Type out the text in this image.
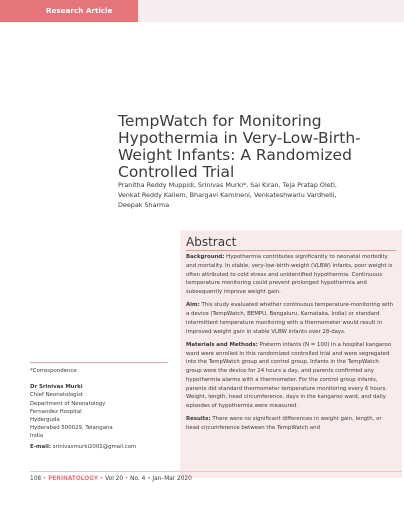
Research Article
TempWatch for Monitoring Hypothermia in Very-Low-Birth-Weight Infants: A Randomized Controlled Trial
Pranitha Reddy Muppidi, Srinivas Murki*, Sai Kiran, Teja Pratap Oleti,
Venkat Reddy Kallem, Bhargavi Kamineni, Venkateshwarlu Vardhelli,
Deepak Sharma
Abstract

Background: Hypothermia contributes significantly to neonatal morbidity and mortality. In stable, very-low-birth-weight (VLBW) infants, poor weight is often attributed to cold stress and unidentified hypothermia. Continuous temperature monitoring could prevent prolonged hypothermia and subsequently improve weight gain.

Aim: This study evaluated whether continuous temperature-monitoring with a device (TempWatch, BEMPU, Bengaluru, Karnataka, India) or standard intermittent temperature monitoring with a thermometer would result in improved weight gain in stable VLBW infants over 28-days.

Materials and Methods: Preterm infants (N = 100) in a hospital kangaroo ward were enrolled in this randomized controlled trial and were segregated into the TempWatch group and control group. Infants in the TempWatch group wore the device for 24 hours a day, and parents confirmed any hypothermia alarms with a thermometer. For the control group infants, parents did standard thermometer temperature monitoring every 6 hours. Weight, length, head circumference, days in the kangaroo ward, and daily episodes of hypothermia were measured.

Results: There were no significant differences in weight gain, length, or head circumference between the TempWatch and

*Correspondence
Dr Srinivas Murki
Chief Neonatologist
Department of Neonatology
Fernandez Hospital
Hyderguda
Hyderabad 500029, Telangana
India
E-mail: srinivasmurki2001@gmail.com
108 • PERINATOLOGY • Vol 20 • No. 4 • Jan–Mar 2020
